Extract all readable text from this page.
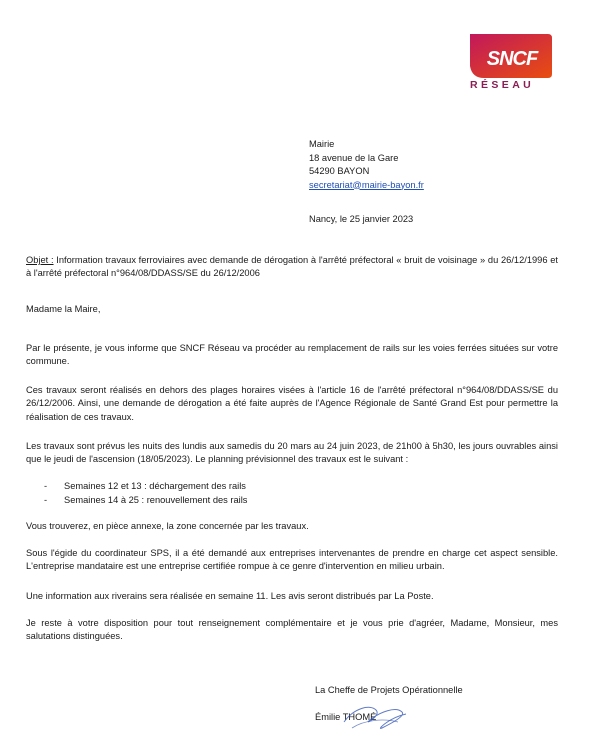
SNCF
RÉSEAU
Mairie
18 avenue de la Gare
54290 BAYON
secretariat@mairie-bayon.fr
Nancy, le 25 janvier 2023
Objet : Information travaux ferroviaires avec demande de dérogation à l'arrêté préfectoral « bruit de voisinage » du 26/12/1996 et à l'arrêté préfectoral n°964/08/DDASS/SE du 26/12/2006
Madame la Maire,
Par le présente, je vous informe que SNCF Réseau va procéder au remplacement de rails sur les voies ferrées situées sur votre commune.
Ces travaux seront réalisés en dehors des plages horaires visées à l'article 16 de l'arrêté préfectoral n°964/08/DDASS/SE du 26/12/2006. Ainsi, une demande de dérogation a été faite auprès de l'Agence Régionale de Santé Grand Est pour permettre la réalisation de ces travaux.
Les travaux sont prévus les nuits des lundis aux samedis du 20 mars au 24 juin 2023, de 21h00 à 5h30, les jours ouvrables ainsi que le jeudi de l'ascension (18/05/2023). Le planning prévisionnel des travaux est le suivant :
-	Semaines 12 et 13 : déchargement des rails
-	Semaines 14 à 25 : renouvellement des rails
Vous trouverez, en pièce annexe, la zone concernée par les travaux.
Sous l'égide du coordinateur SPS, il a été demandé aux entreprises intervenantes de prendre en charge cet aspect sensible. L'entreprise mandataire est une entreprise certifiée rompue à ce genre d'intervention en milieu urbain.
Une information aux riverains sera réalisée en semaine 11. Les avis seront distribués par La Poste.
Je reste à votre disposition pour tout renseignement complémentaire et je vous prie d'agréer, Madame, Monsieur, mes salutations distinguées.
La Cheffe de Projets Opérationnelle
Émilie THOMÉ
